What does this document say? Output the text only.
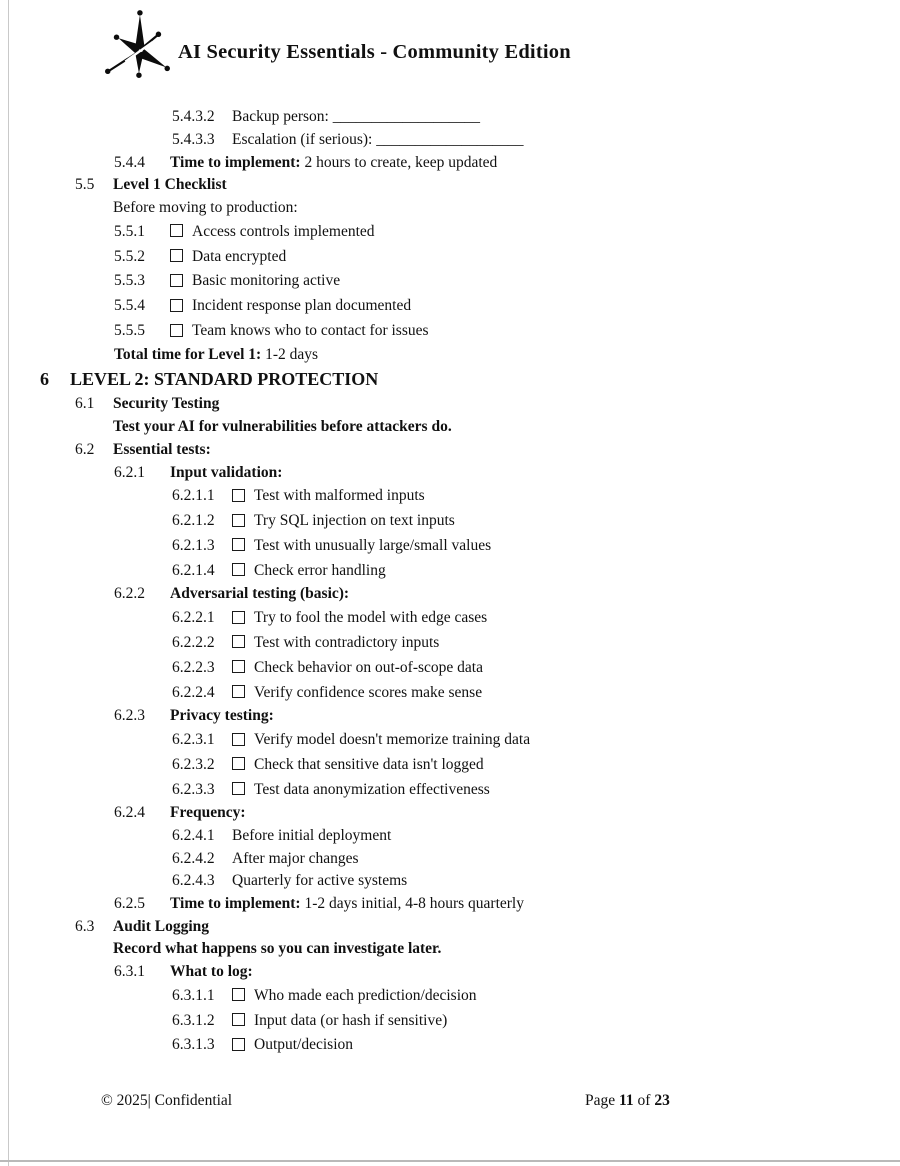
AI Security Essentials - Community Edition
5.4.3.2	Backup person: ___________________
5.4.3.3	Escalation (if serious): ___________________
5.4.4	Time to implement: 2 hours to create, keep updated
5.5	Level 1 Checklist
Before moving to production:
5.5.1	Access controls implemented
5.5.2	Data encrypted
5.5.3	Basic monitoring active
5.5.4	Incident response plan documented
5.5.5	Team knows who to contact for issues
Total time for Level 1: 1-2 days
6	LEVEL 2: STANDARD PROTECTION
6.1	Security Testing
Test your AI for vulnerabilities before attackers do.
6.2	Essential tests:
6.2.1	Input validation:
6.2.1.1	Test with malformed inputs
6.2.1.2	Try SQL injection on text inputs
6.2.1.3	Test with unusually large/small values
6.2.1.4	Check error handling
6.2.2	Adversarial testing (basic):
6.2.2.1	Try to fool the model with edge cases
6.2.2.2	Test with contradictory inputs
6.2.2.3	Check behavior on out-of-scope data
6.2.2.4	Verify confidence scores make sense
6.2.3	Privacy testing:
6.2.3.1	Verify model doesn't memorize training data
6.2.3.2	Check that sensitive data isn't logged
6.2.3.3	Test data anonymization effectiveness
6.2.4	Frequency:
6.2.4.1	Before initial deployment
6.2.4.2	After major changes
6.2.4.3	Quarterly for active systems
6.2.5	Time to implement: 1-2 days initial, 4-8 hours quarterly
6.3	Audit Logging
Record what happens so you can investigate later.
6.3.1	What to log:
6.3.1.1	Who made each prediction/decision
6.3.1.2	Input data (or hash if sensitive)
6.3.1.3	Output/decision
© 2025| Confidential	Page 11 of 23
